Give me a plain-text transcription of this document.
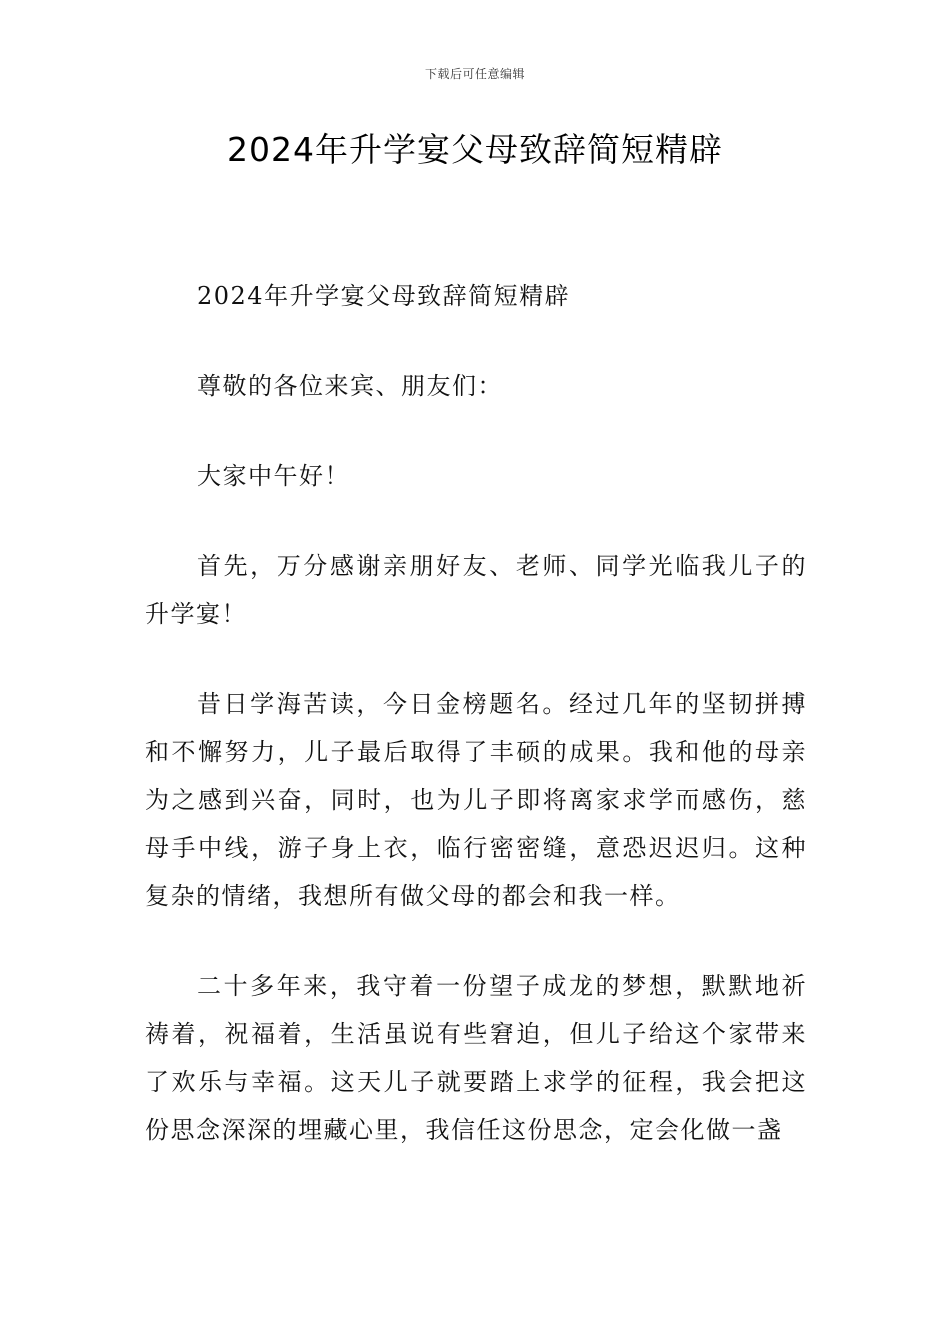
下载后可任意编辑
2024年升学宴父母致辞简短精辟

2024年升学宴父母致辞简短精辟

尊敬的各位来宾、朋友们：

大家中午好！

首先，万分感谢亲朋好友、老师、同学光临我儿子的升学宴！

昔日学海苦读，今日金榜题名。经过几年的坚韧拼搏和不懈努力，儿子最后取得了丰硕的成果。我和他的母亲为之感到兴奋，同时，也为儿子即将离家求学而感伤，慈母手中线，游子身上衣，临行密密缝，意恐迟迟归。这种复杂的情绪，我想所有做父母的都会和我一样。

二十多年来，我守着一份望子成龙的梦想，默默地祈祷着，祝福着，生活虽说有些窘迫，但儿子给这个家带来了欢乐与幸福。这天儿子就要踏上求学的征程，我会把这份思念深深的埋藏心里，我信任这份思念，定会化做一盏
